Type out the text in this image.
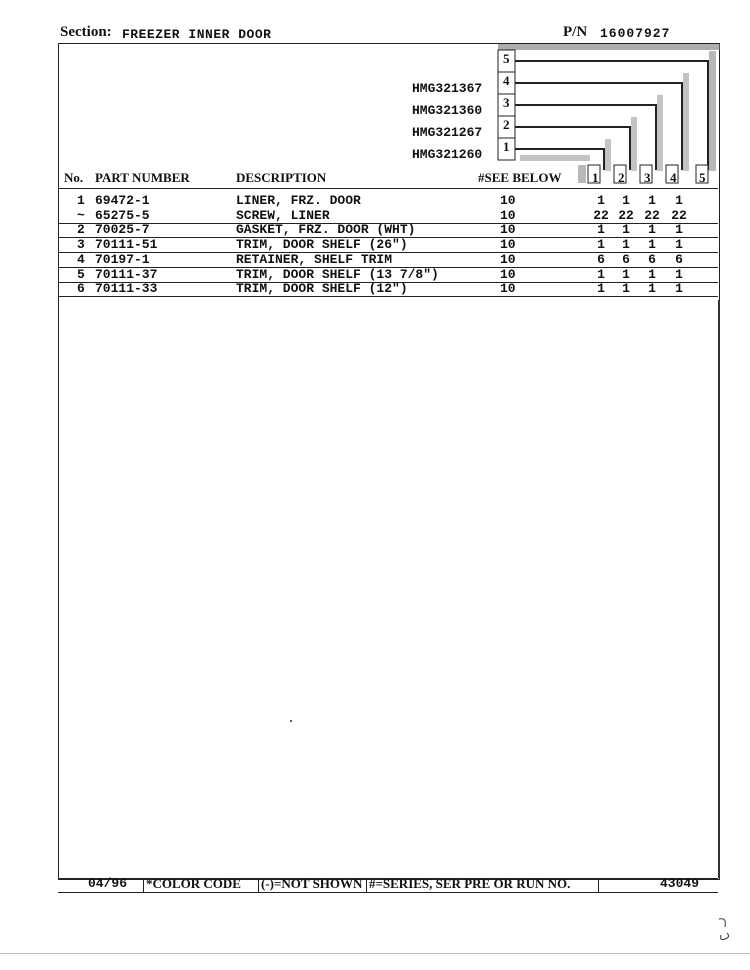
Section: FREEZER INNER DOOR	P/N 16007927
5
4
3
2
1
HMG321367
HMG321360
HMG321267
HMG321260
No. PART NUMBER	DESCRIPTION	#SEE BELOW 1 2 3 4 5
1 69472-1	LINER, FRZ. DOOR	10	1	1	1	1
~ 65275-5	SCREW, LINER	10	22 22 22 22
2 70025-7	GASKET, FRZ. DOOR (WHT)	10	1	1	1	1
3 70111-51	TRIM, DOOR SHELF (26")	10	1	1	1	1
4 70197-1	RETAINER, SHELF TRIM	10	6	6	6	6
5 70111-37	TRIM, DOOR SHELF (13 7/8")	10	1	1	1	1
6 70111-33	TRIM, DOOR SHELF (12")	10	1	1	1	1
04/96 *COLOR CODE (-)=NOT SHOWN #=SERIES, SER PRE OR RUN NO.	43049
